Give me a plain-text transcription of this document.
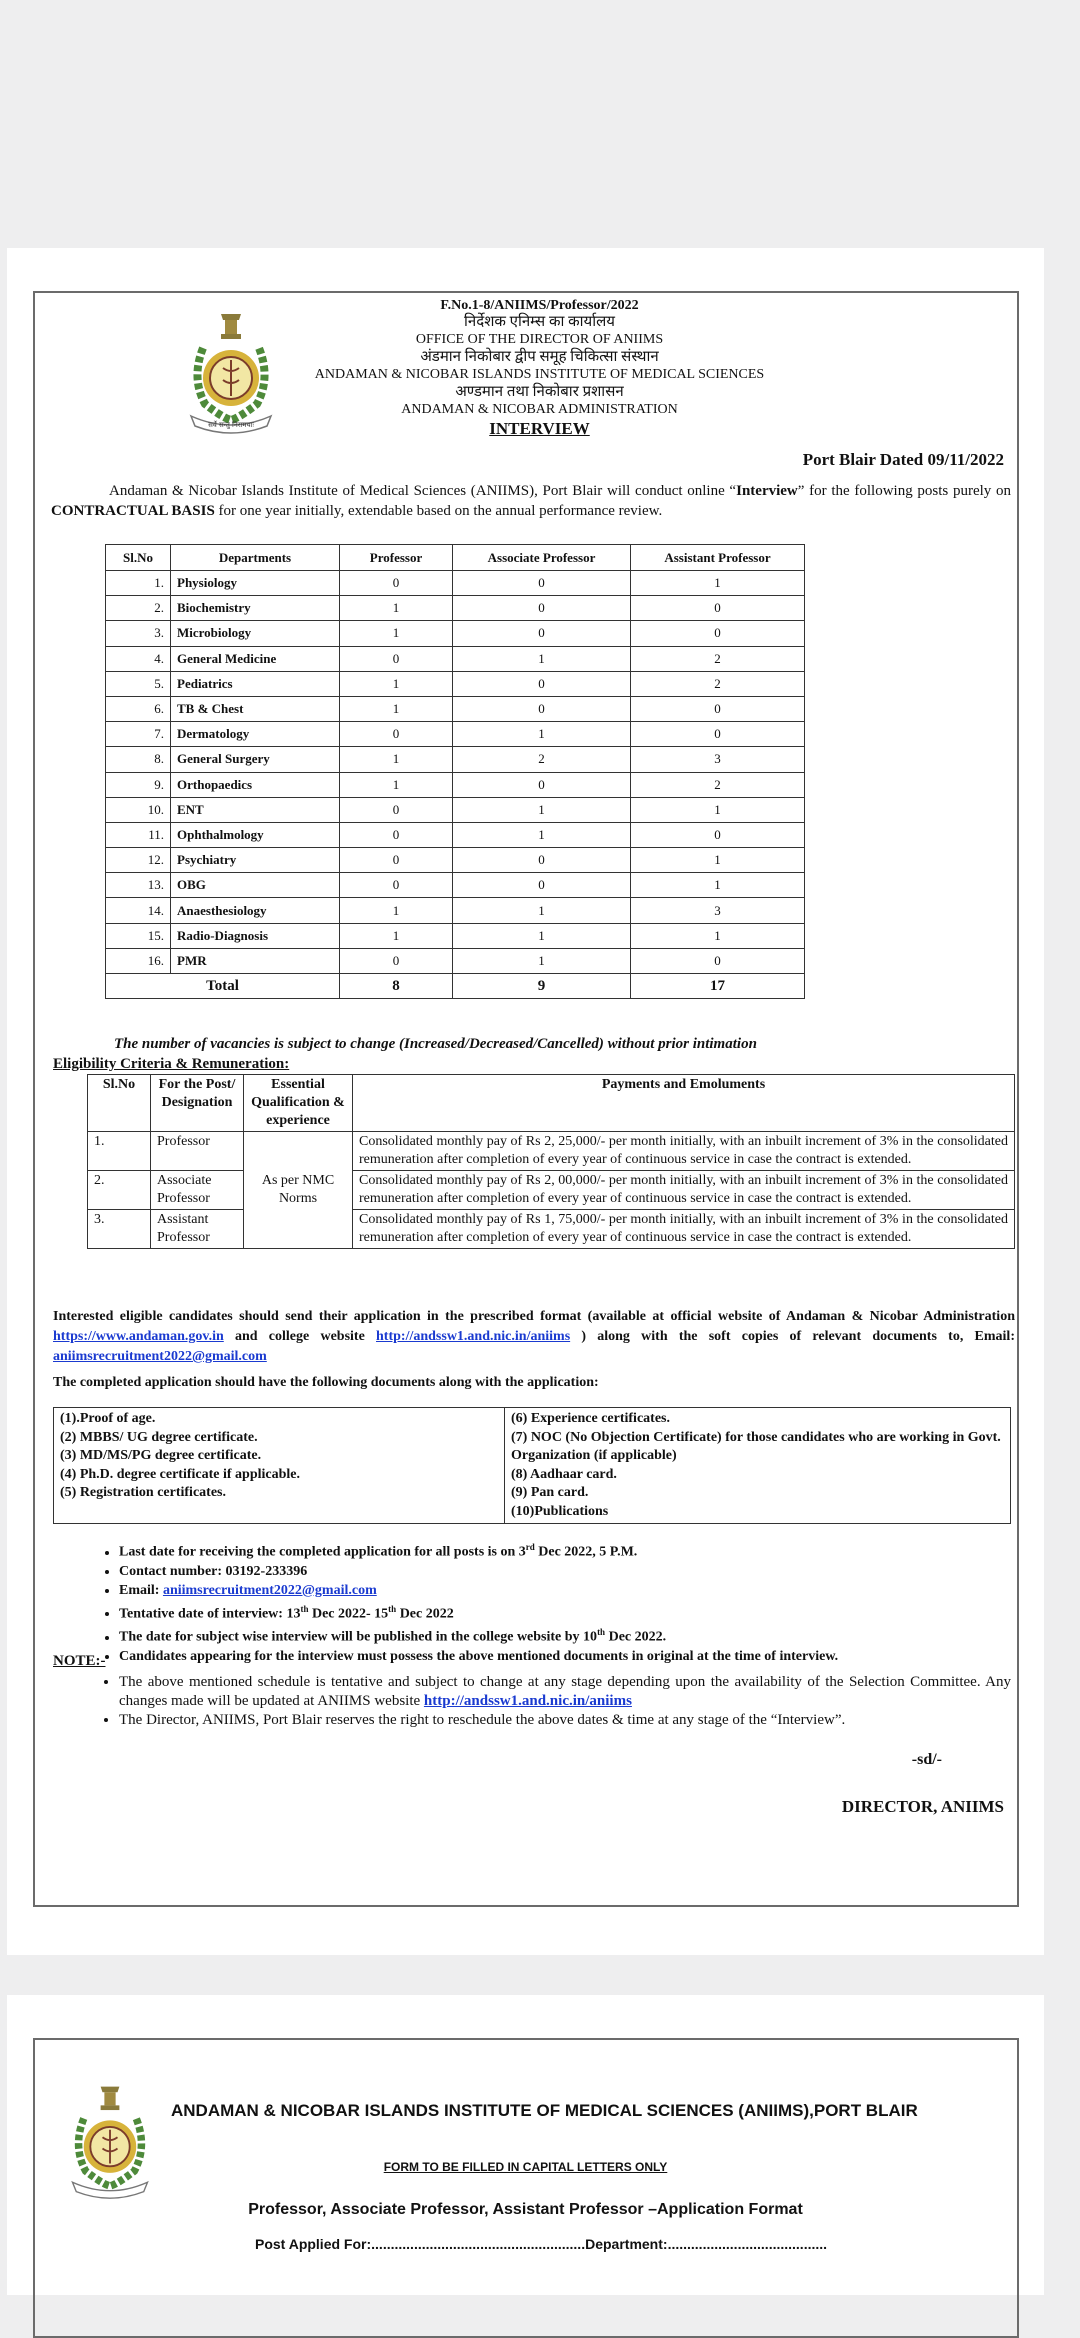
सर्वे सन्तु निरामयाः
F.No.1-8/ANIIMS/Professor/2022
निर्देशक एनिम्स का कार्यालय
OFFICE OF THE DIRECTOR OF ANIIMS
अंडमान निकोबार द्वीप समूह चिकित्सा संस्थान
ANDAMAN & NICOBAR ISLANDS INSTITUTE OF MEDICAL SCIENCES
अण्डमान तथा निकोबार प्रशासन
ANDAMAN & NICOBAR ADMINISTRATION
INTERVIEW
Port Blair Dated 09/11/2022
Andaman & Nicobar Islands Institute of Medical Sciences (ANIIMS), Port Blair will conduct online “Interview” for the following posts purely on CONTRACTUAL BASIS for one year initially, extendable based on the annual performance review.
Sl.No	Departments	Professor	Associate Professor	Assistant Professor
1.	Physiology	0	0	1
2.	Biochemistry	1	0	0
3.	Microbiology	1	0	0
4.	General Medicine	0	1	2
5.	Pediatrics	1	0	2
6.	TB & Chest	1	0	0
7.	Dermatology	0	1	0
8.	General Surgery	1	2	3
9.	Orthopaedics	1	0	2
10.	ENT	0	1	1
11.	Ophthalmology	0	1	0
12.	Psychiatry	0	0	1
13.	OBG	0	0	1
14.	Anaesthesiology	1	1	3
15.	Radio-Diagnosis	1	1	1
16.	PMR	0	1	0
Total		8	9	17
The number of vacancies is subject to change (Increased/Decreased/Cancelled) without prior intimation
Eligibility Criteria & Remuneration:
Sl.No	For the Post/ Designation	Essential Qualification & experience	Payments and Emoluments
1.	Professor	As per NMC Norms	Consolidated monthly pay of Rs 2, 25,000/- per month initially, with an inbuilt increment of 3% in the consolidated remuneration after completion of every year of continuous service in case the contract is extended.
2.	Associate Professor		Consolidated monthly pay of Rs 2, 00,000/- per month initially, with an inbuilt increment of 3% in the consolidated remuneration after completion of every year of continuous service in case the contract is extended.
3.	Assistant Professor		Consolidated monthly pay of Rs 1, 75,000/- per month initially, with an inbuilt increment of 3% in the consolidated remuneration after completion of every year of continuous service in case the contract is extended.
Interested eligible candidates should send their application in the prescribed format (available at official website of Andaman & Nicobar Administration https://www.andaman.gov.in and college website http://andssw1.and.nic.in/aniims ) along with the soft copies of relevant documents to, Email: aniimsrecruitment2022@gmail.com
The completed application should have the following documents along with the application:
(1).Proof of age.
(2) MBBS/ UG degree certificate.
(3) MD/MS/PG degree certificate.
(4) Ph.D. degree certificate if applicable.
(5) Registration certificates.

(6) Experience certificates.
(7) NOC (No Objection Certificate) for those candidates who are working in Govt. Organization (if applicable)
(8) Aadhaar card.
(9) Pan card.
(10)Publications
• Last date for receiving the completed application for all posts is on 3rd Dec 2022, 5 P.M.
• Contact number: 03192-233396
• Email: aniimsrecruitment2022@gmail.com
• Tentative date of interview: 13th Dec 2022- 15th Dec 2022
• The date for subject wise interview will be published in the college website by 10th Dec 2022.
• Candidates appearing for the interview must possess the above mentioned documents in original at the time of interview.
NOTE:-
• The above mentioned schedule is tentative and subject to change at any stage depending upon the availability of the Selection Committee. Any changes made will be updated at ANIIMS website http://andssw1.and.nic.in/aniims
• The Director, ANIIMS, Port Blair reserves the right to reschedule the above dates & time at any stage of the “Interview”.
-sd/-
DIRECTOR, ANIIMS
ANDAMAN & NICOBAR ISLANDS INSTITUTE OF MEDICAL SCIENCES (ANIIMS),PORT BLAIR
FORM TO BE FILLED IN CAPITAL LETTERS ONLY
Professor, Associate Professor, Assistant Professor –Application Format
Post Applied For:.......................................................Department:.........................................
